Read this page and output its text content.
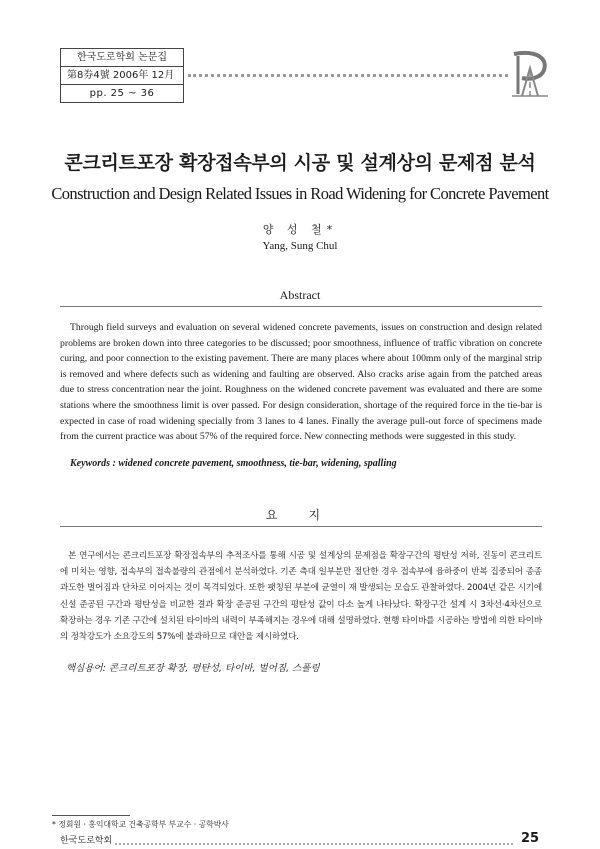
한국도로학회 논문집
第8券4號 2006年 12月
pp. 25 ~ 36
콘크리트포장 확장접속부의 시공 및 설계상의 문제점 분석
Construction and Design Related Issues in Road Widening for Concrete Pavement
양 성 철*
Yang, Sung Chul
Abstract

Through field surveys and evaluation on several widened concrete pavements, issues on construction and design related problems are broken down into three categories to be discussed; poor smoothness, influence of traffic vibration on concrete curing, and poor connection to the existing pavement. There are many places where about 100mm only of the marginal strip is removed and where defects such as widening and faulting are observed. Also cracks arise again from the patched areas due to stress concentration near the joint. Roughness on the widened concrete pavement was evaluated and there are some stations where the smoothness limit is over passed. For design consideration, shortage of the required force in the tie-bar is expected in case of road widening specially from 3 lanes to 4 lanes. Finally the average pull-out force of specimens made from the current practice was about 57% of the required force. New connecting methods were suggested in this study.

Keywords : widened concrete pavement, smoothness, tie-bar, widening, spalling
요 지

본 연구에서는 콘크리트포장 확장접속부의 추적조사를 통해 시공 및 설계상의 문제점을 확장구간의 평탄성 저하, 진동이 콘크리트에 미치는 영향, 접속부의 접속불량의 관점에서 분석하였다. 기존 측대 일부분만 절단한 경우 접속부에 융하중이 반복 집중되어 종종 과도한 벌어짐과 단차로 이어지는 것이 목격되었다. 또한 팻칭된 부분에 균열이 재 발생되는 모습도 관찰하였다. 2004년 같은 시기에 신설 준공된 구간과 평탄성을 비교한 결과 확장 준공된 구간의 평탄성 값이 다소 높게 나타났다. 확장구간 설계 시 3차선·4차선으로 확장하는 경우 기존 구간에 설치된 타이바의 내력이 부족해지는 경우에 대해 설명하였다. 현행 타이바를 시공하는 방법에 의한 타이바의 정착강도가 소요강도의 57%에 불과하므로 대안을 제시하였다.

핵심용어: 콘크리트포장 확장, 평탄성, 타이바, 벌어짐, 스폴링
* 정회원 · 홍익대학교 건축공학부 부교수 · 공학박사
한국도로학회	25
